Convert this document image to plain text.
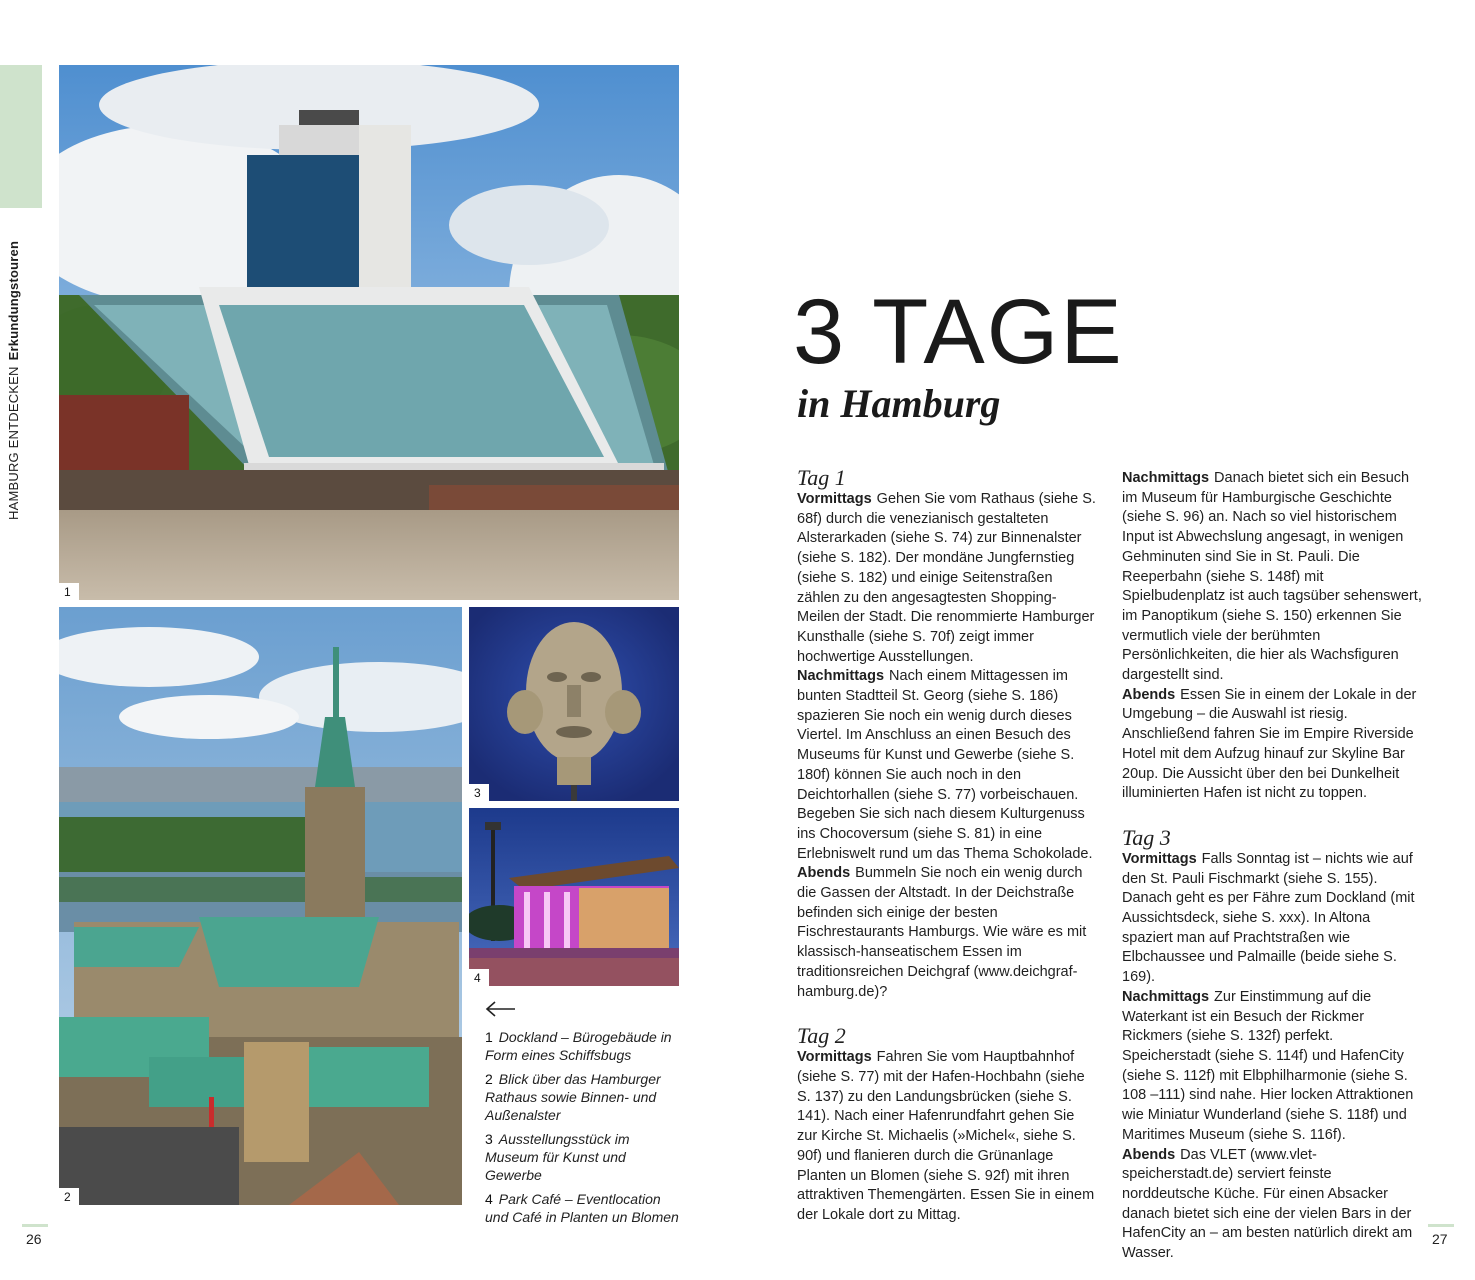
HAMBURG ENTDECKENErkundungstouren
1
2
3
4
1 Dockland – Bürogebäude in Form eines Schiffsbugs
2 Blick über das Hamburger Rathaus sowie Binnen- und Außenalster
3 Ausstellungsstück im Museum für Kunst und Gewerbe
4 Park Café – Eventlocation und Café in Planten un Blomen
3 TAGE
in Hamburg
Tag 1

Vormittags Gehen Sie vom Rathaus (siehe S. 68f) durch die venezianisch gestalteten Alsterarkaden (siehe S. 74) zur Binnenalster (siehe S. 182). Der mondäne Jungfernstieg (siehe S. 182) und einige Seitenstraßen zählen zu den angesagtesten Shopping-Meilen der Stadt. Die renommierte Hamburger Kunsthalle (siehe S. 70f) zeigt immer hochwertige Ausstellungen.

Nachmittags Nach einem Mittagessen im bunten Stadtteil St. Georg (siehe S. 186) spazieren Sie noch ein wenig durch dieses Viertel. Im Anschluss an einen Besuch des Museums für Kunst und Gewerbe (siehe S. 180f) können Sie auch noch in den Deichtorhallen (siehe S. 77) vorbeischauen. Begeben Sie sich nach diesem Kulturgenuss ins Chocoversum (siehe S. 81) in eine Erlebniswelt rund um das Thema Schokolade.

Abends Bummeln Sie noch ein wenig durch die Gassen der Altstadt. In der Deichstraße befinden sich einige der besten Fischrestaurants Hamburgs. Wie wäre es mit klassisch-hanseatischem Essen im traditionsreichen Deichgraf (www.deichgraf-hamburg.de)?

Tag 2

Vormittags Fahren Sie vom Hauptbahnhof (siehe S. 77) mit der Hafen-Hochbahn (siehe S. 137) zu den Landungsbrücken (siehe S. 141). Nach einer Hafenrundfahrt gehen Sie zur Kirche St. Michaelis (»Michel«, siehe S. 90f) und flanieren durch die Grünanlage Planten un Blomen (siehe S. 92f) mit ihren attraktiven Themengärten. Essen Sie in einem der Lokale dort zu Mittag.

Nachmittags Danach bietet sich ein Besuch im Museum für Hamburgische Geschichte (siehe S. 96) an. Nach so viel historischem Input ist Abwechslung angesagt, in wenigen Gehminuten sind Sie in St. Pauli. Die Reeperbahn (siehe S. 148f) mit Spielbudenplatz ist auch tagsüber sehenswert, im Panoptikum (siehe S. 150) erkennen Sie vermutlich viele der berühmten Persönlichkeiten, die hier als Wachsfiguren dargestellt sind.

Abends Essen Sie in einem der Lokale in der Umgebung – die Auswahl ist riesig. Anschließend fahren Sie im Empire Riverside Hotel mit dem Aufzug hinauf zur Skyline Bar 20up. Die Aussicht über den bei Dunkelheit illuminierten Hafen ist nicht zu toppen.

Tag 3

Vormittags Falls Sonntag ist – nichts wie auf den St. Pauli Fischmarkt (siehe S. 155). Danach geht es per Fähre zum Dockland (mit Aussichtsdeck, siehe S. xxx). In Altona spaziert man auf Prachtstraßen wie Elbchaussee und Palmaille (beide siehe S. 169).

Nachmittags Zur Einstimmung auf die Waterkant ist ein Besuch der Rickmer Rickmers (siehe S. 132f) perfekt. Speicherstadt (siehe S. 114f) und HafenCity (siehe S. 112f) mit Elbphilharmonie (siehe S. 108 –111) sind nahe. Hier locken Attraktionen wie Miniatur Wunderland (siehe S. 118f) und Maritimes Museum (siehe S. 116f).

Abends Das VLET (www.vlet-speicherstadt.de) serviert feinste norddeutsche Küche. Für einen Absacker danach bietet sich eine der vielen Bars in der HafenCity an – am besten natürlich direkt am Wasser.

26	27
